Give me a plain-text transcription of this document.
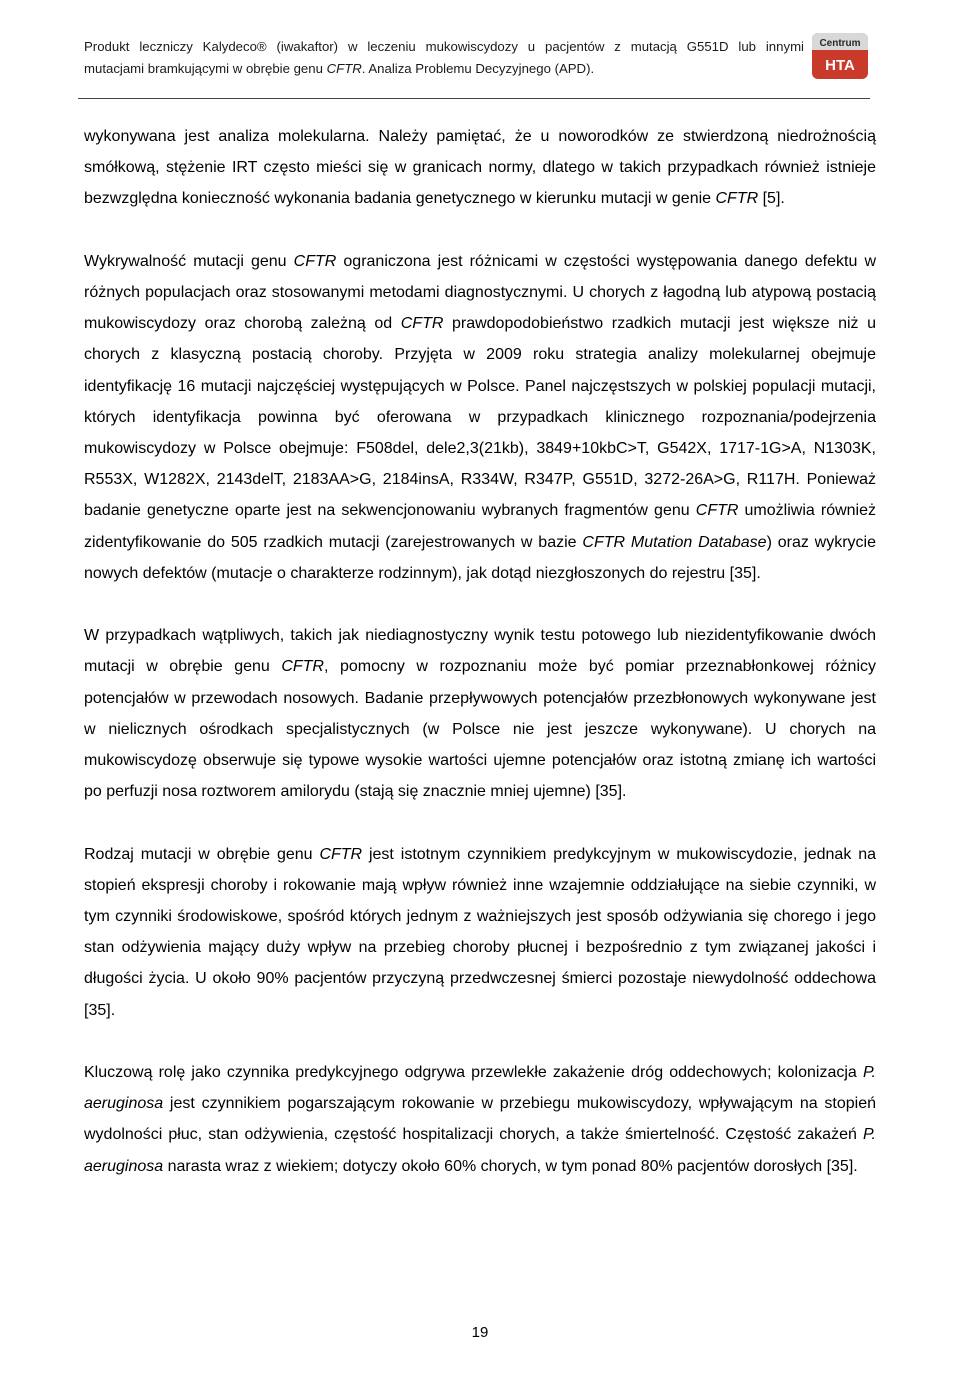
Produkt leczniczy Kalydeco® (iwakaftor) w leczeniu mukowiscydozy u pacjentów z mutacją G551D lub innymi
mutacjami bramkującymi w obrębie genu CFTR. Analiza Problemu Decyzyjnego (APD).
Centrum
HTA

wykonywana jest analiza molekularna. Należy pamiętać, że u noworodków ze stwierdzoną niedrożnością smółkową, stężenie IRT często mieści się w granicach normy, dlatego w takich przypadkach również istnieje bezwzględna konieczność wykonania badania genetycznego w kierunku mutacji w genie CFTR [5].

Wykrywalność mutacji genu CFTR ograniczona jest różnicami w częstości występowania danego defektu w różnych populacjach oraz stosowanymi metodami diagnostycznymi. U chorych z łagodną lub atypową postacią mukowiscydozy oraz chorobą zależną od CFTR prawdopodobieństwo rzadkich mutacji jest większe niż u chorych z klasyczną postacią choroby. Przyjęta w 2009 roku strategia analizy molekularnej obejmuje identyfikację 16 mutacji najczęściej występujących w Polsce. Panel najczęstszych w polskiej populacji mutacji, których identyfikacja powinna być oferowana w przypadkach klinicznego rozpoznania/podejrzenia mukowiscydozy w Polsce obejmuje: F508del, dele2,3(21kb), 3849+10kbC>T, G542X, 1717-1G>A, N1303K, R553X, W1282X, 2143delT, 2183AA>G, 2184insA, R334W, R347P, G551D, 3272-26A>G, R117H. Ponieważ badanie genetyczne oparte jest na sekwencjonowaniu wybranych fragmentów genu CFTR umożliwia również zidentyfikowanie do 505 rzadkich mutacji (zarejestrowanych w bazie CFTR Mutation Database) oraz wykrycie nowych defektów (mutacje o charakterze rodzinnym), jak dotąd niezgłoszonych do rejestru [35].

W przypadkach wątpliwych, takich jak niediagnostyczny wynik testu potowego lub niezidentyfikowanie dwóch mutacji w obrębie genu CFTR, pomocny w rozpoznaniu może być pomiar przeznabłonkowej różnicy potencjałów w przewodach nosowych. Badanie przepływowych potencjałów przezbłonowych wykonywane jest w nielicznych ośrodkach specjalistycznych (w Polsce nie jest jeszcze wykonywane). U chorych na mukowiscydozę obserwuje się typowe wysokie wartości ujemne potencjałów oraz istotną zmianę ich wartości po perfuzji nosa roztworem amilorydu (stają się znacznie mniej ujemne) [35].

Rodzaj mutacji w obrębie genu CFTR jest istotnym czynnikiem predykcyjnym w mukowiscydozie, jednak na stopień ekspresji choroby i rokowanie mają wpływ również inne wzajemnie oddziałujące na siebie czynniki, w tym czynniki środowiskowe, spośród których jednym z ważniejszych jest sposób odżywiania się chorego i jego stan odżywienia mający duży wpływ na przebieg choroby płucnej i bezpośrednio z tym związanej jakości i długości życia. U około 90% pacjentów przyczyną przedwczesnej śmierci pozostaje niewydolność oddechowa [35].

Kluczową rolę jako czynnika predykcyjnego odgrywa przewlekłe zakażenie dróg oddechowych; kolonizacja P. aeruginosa jest czynnikiem pogarszającym rokowanie w przebiegu mukowiscydozy, wpływającym na stopień wydolności płuc, stan odżywienia, częstość hospitalizacji chorych, a także śmiertelność. Częstość zakażeń P. aeruginosa narasta wraz z wiekiem; dotyczy około 60% chorych, w tym ponad 80% pacjentów dorosłych [35].

19
